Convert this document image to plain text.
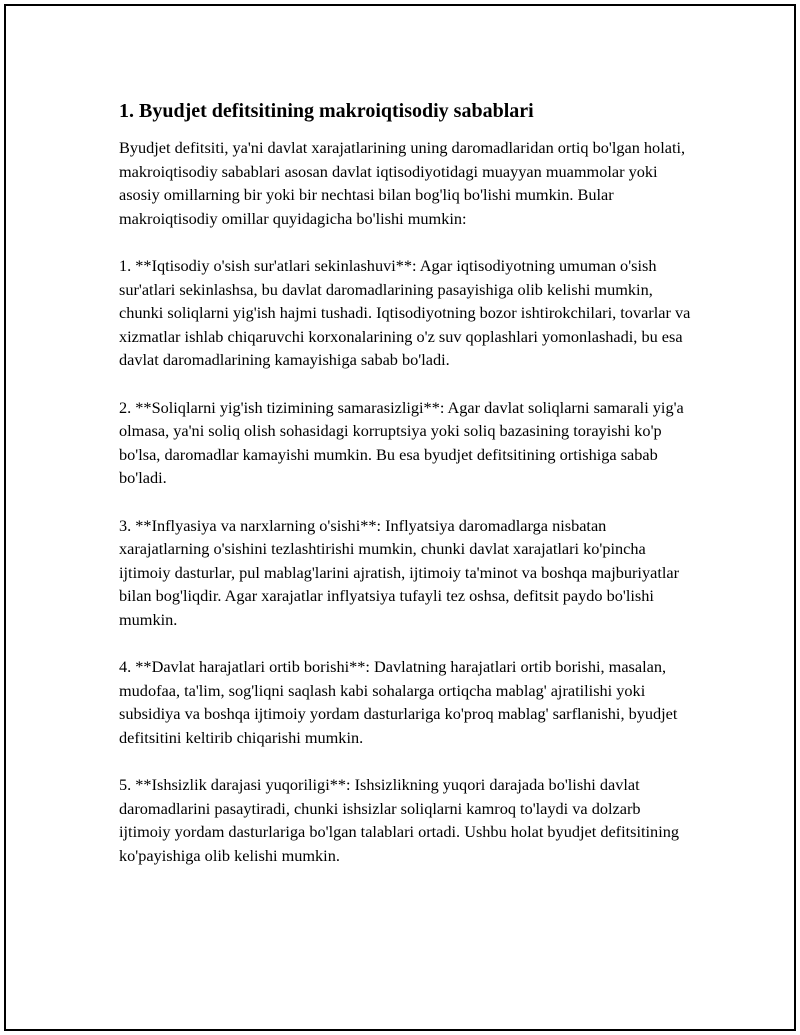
1. Byudjet defitsitining makroiqtisodiy sabablari

Byudjet defitsiti, ya'ni davlat xarajatlarining uning daromadlaridan ortiq bo'lgan holati, makroiqtisodiy sabablari asosan davlat iqtisodiyotidagi muayyan muammolar yoki asosiy omillarning bir yoki bir nechtasi bilan bog'liq bo'lishi mumkin. Bular makroiqtisodiy omillar quyidagicha bo'lishi mumkin:

1. **Iqtisodiy o'sish sur'atlari sekinlashuvi**: Agar iqtisodiyotning umuman o'sish sur'atlari sekinlashsa, bu davlat daromadlarining pasayishiga olib kelishi mumkin, chunki soliqlarni yig'ish hajmi tushadi. Iqtisodiyotning bozor ishtirokchilari, tovarlar va xizmatlar ishlab chiqaruvchi korxonalarining o'z suv qoplashlari yomonlashadi, bu esa davlat daromadlarining kamayishiga sabab bo'ladi.

2. **Soliqlarni yig'ish tizimining samarasizligi**: Agar davlat soliqlarni samarali yig'a olmasa, ya'ni soliq olish sohasidagi korruptsiya yoki soliq bazasining torayishi ko'p bo'lsa, daromadlar kamayishi mumkin. Bu esa byudjet defitsitining ortishiga sabab bo'ladi.

3. **Inflyasiya va narxlarning o'sishi**: Inflyatsiya daromadlarga nisbatan xarajatlarning o'sishini tezlashtirishi mumkin, chunki davlat xarajatlari ko'pincha ijtimoiy dasturlar, pul mablag'larini ajratish, ijtimoiy ta'minot va boshqa majburiyatlar bilan bog'liqdir. Agar xarajatlar inflyatsiya tufayli tez oshsa, defitsit paydo bo'lishi mumkin.

4. **Davlat harajatlari ortib borishi**: Davlatning harajatlari ortib borishi, masalan, mudofaa, ta'lim, sog'liqni saqlash kabi sohalarga ortiqcha mablag' ajratilishi yoki subsidiya va boshqa ijtimoiy yordam dasturlariga ko'proq mablag' sarflanishi, byudjet defitsitini keltirib chiqarishi mumkin.

5. **Ishsizlik darajasi yuqoriligi**: Ishsizlikning yuqori darajada bo'lishi davlat daromadlarini pasaytiradi, chunki ishsizlar soliqlarni kamroq to'laydi va dolzarb ijtimoiy yordam dasturlariga bo'lgan talablari ortadi. Ushbu holat byudjet defitsitining ko'payishiga olib kelishi mumkin.
